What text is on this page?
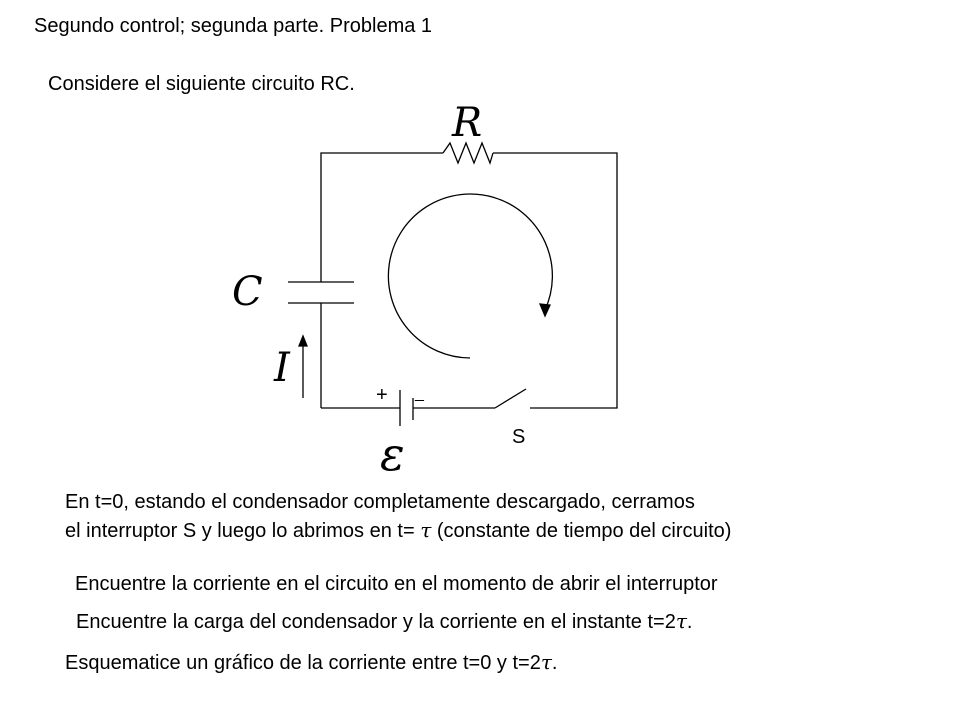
Segundo control; segunda parte. Problema 1
Considere el siguiente circuito RC.
R
C
I
ε	S
+ _
En t=0, estando el condensador completamente descargado, cerramos
el interruptor S y luego lo abrimos en t= τ (constante de tiempo del circuito)
Encuentre la corriente en el circuito en el momento de abrir el interruptor
Encuentre la carga del condensador y la corriente en el instante t=2τ.
Esquematice un gráfico de la corriente entre t=0 y t=2τ.
